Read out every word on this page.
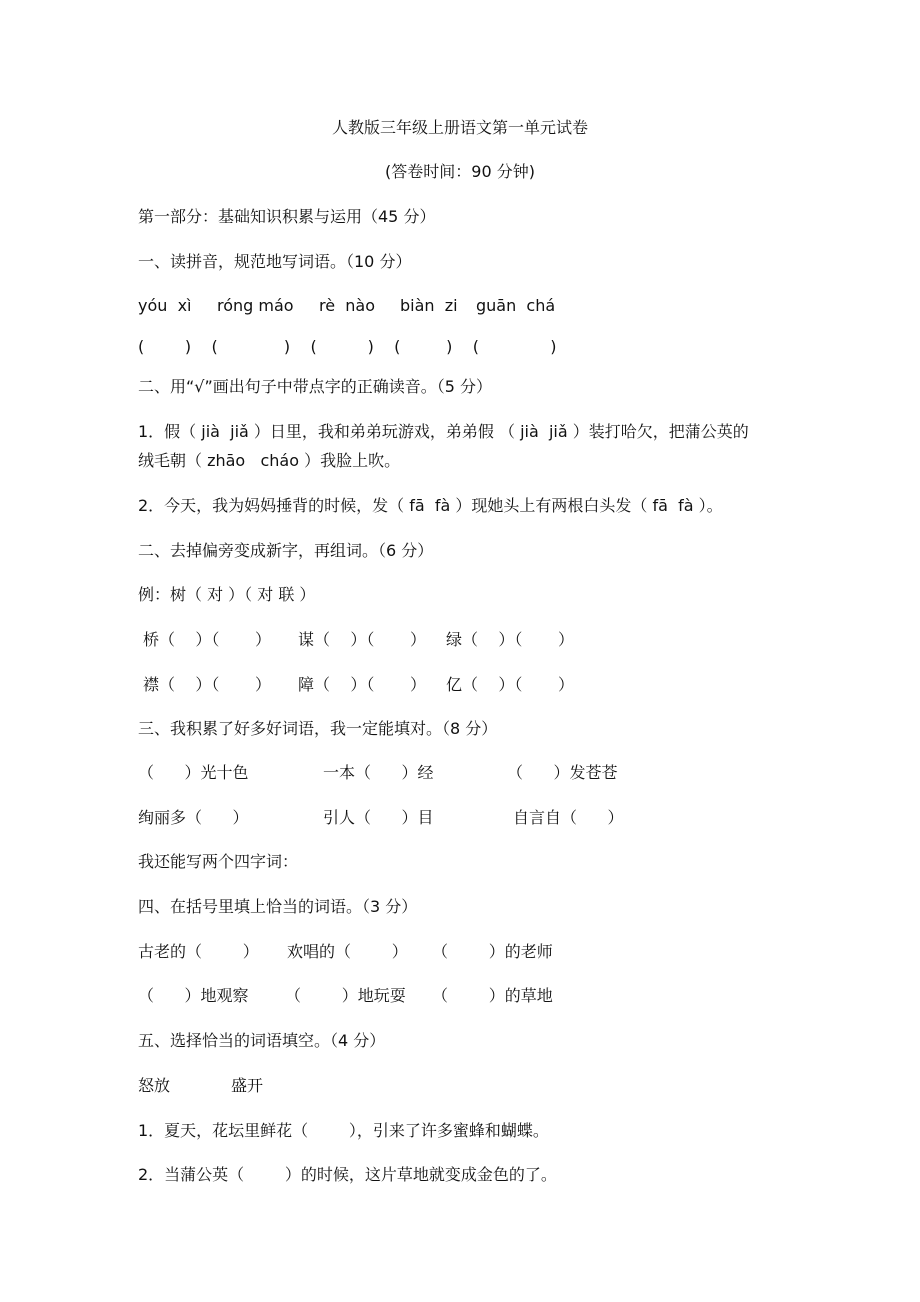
人教版三年级上册语文第一单元试卷
(答卷时间：90 分钟)
第一部分：基础知识积累与运用（45 分）
一、读拼音，规范地写词语。（10 分）
yóu  xì róng máo rè  nào biàn  zi guān  chá
(        )    (             )    (          )    (         )    (              )
二、用“√”画出句子中带点字的正确读音。（5 分）
1．假（ jià  jiǎ ）日里，我和弟弟玩游戏，弟弟假 （ jià  jiǎ ）装打哈欠，把蒲公英的
绒毛朝（ zhāo   cháo ）我脸上吹。
2．今天，我为妈妈捶背的时候，发（ fā  fà ）现她头上有两根白头发（ fā  fà ）。
二、去掉偏旁变成新字，再组词。（6 分）
例：树（ 对 ）（ 对 联 ）
桥（    ）（       ） 谋（    ）（       ） 绿（    ）（       ）
襟（    ）（       ） 障（    ）（       ） 亿（    ）（       ）
三、我积累了好多好词语，我一定能填对。（8 分）
（      ）光十色	一本（      ）经	（      ）发苍苍
绚丽多（      ）	引人（      ）目	自言自（      ）
我还能写两个四字词：
四、在括号里填上恰当的词语。（3 分）
古老的（        ） 欢唱的（        ） （        ）的老师
（      ）地观察 （        ）地玩耍 （        ）的草地
五、选择恰当的词语填空。（4 分）
怒放	盛开
1．夏天，花坛里鲜花（        ），引来了许多蜜蜂和蝴蝶。
2．当蒲公英（        ）的时候，这片草地就变成金色的了。
